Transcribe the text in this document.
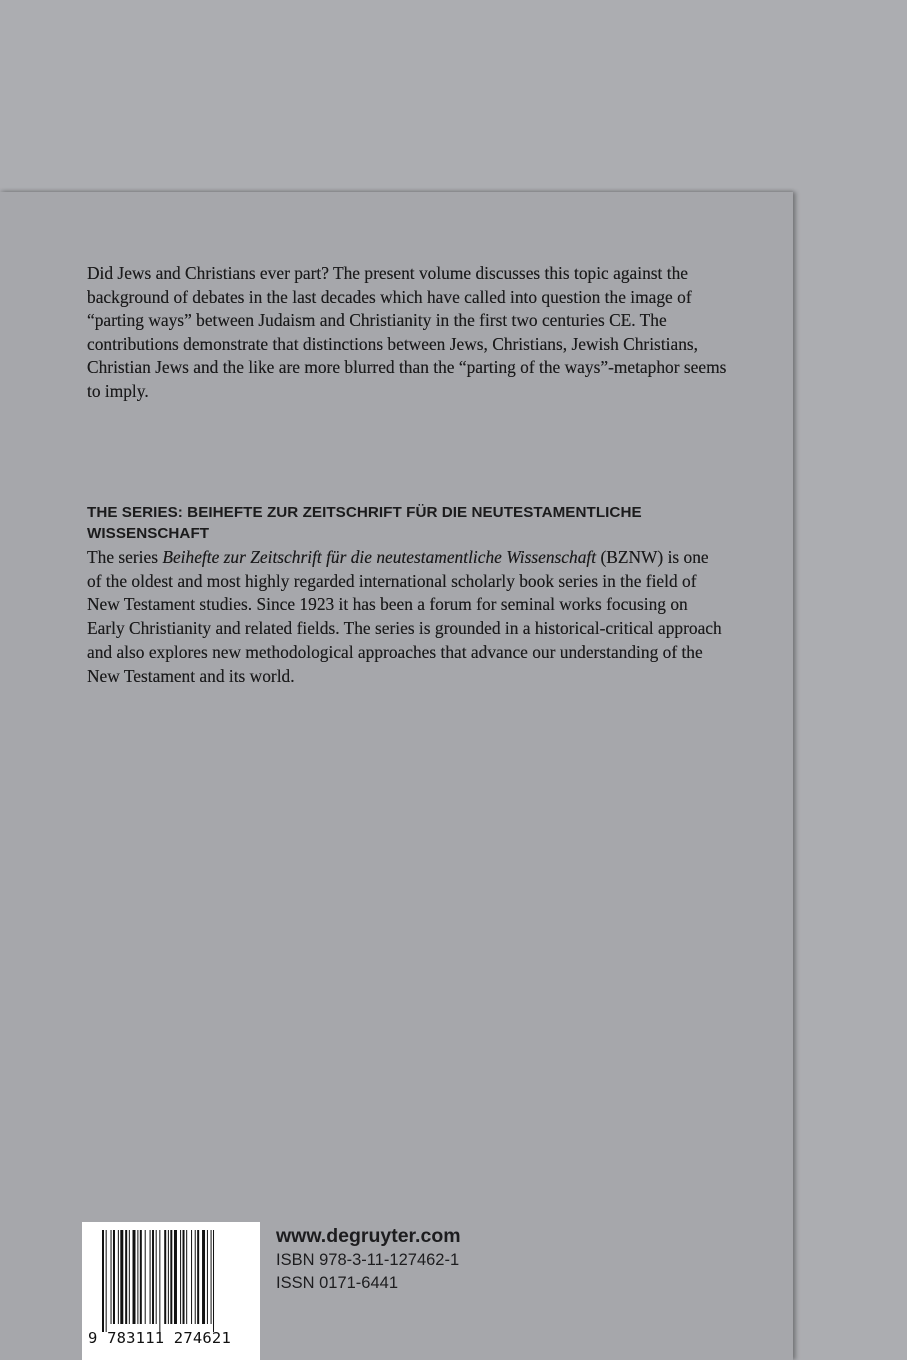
Did Jews and Christians ever part? The present volume discusses this topic against the background of debates in the last decades which have called into question the image of “parting ways” between Judaism and Christianity in the first two centuries CE. The contributions demonstrate that distinctions between Jews, Christians, Jewish Christians, Christian Jews and the like are more blurred than the “parting of the ways”-metaphor seems to imply.

THE SERIES: BEIHEFTE ZUR ZEITSCHRIFT FÜR DIE NEUTESTAMENTLICHE WISSENSCHAFT

The series Beihefte zur Zeitschrift für die neutestamentliche Wissenschaft (BZNW) is one of the oldest and most highly regarded international scholarly book series in the field of New Testament studies. Since 1923 it has been a forum for seminal works focusing on Early Christianity and related fields. The series is grounded in a historical-critical approach and also explores new methodological approaches that advance our understanding of the New Testament and its world.

9 783111 274621
www.degruyter.com
ISBN 978-3-11-127462-1
ISSN 0171-6441
